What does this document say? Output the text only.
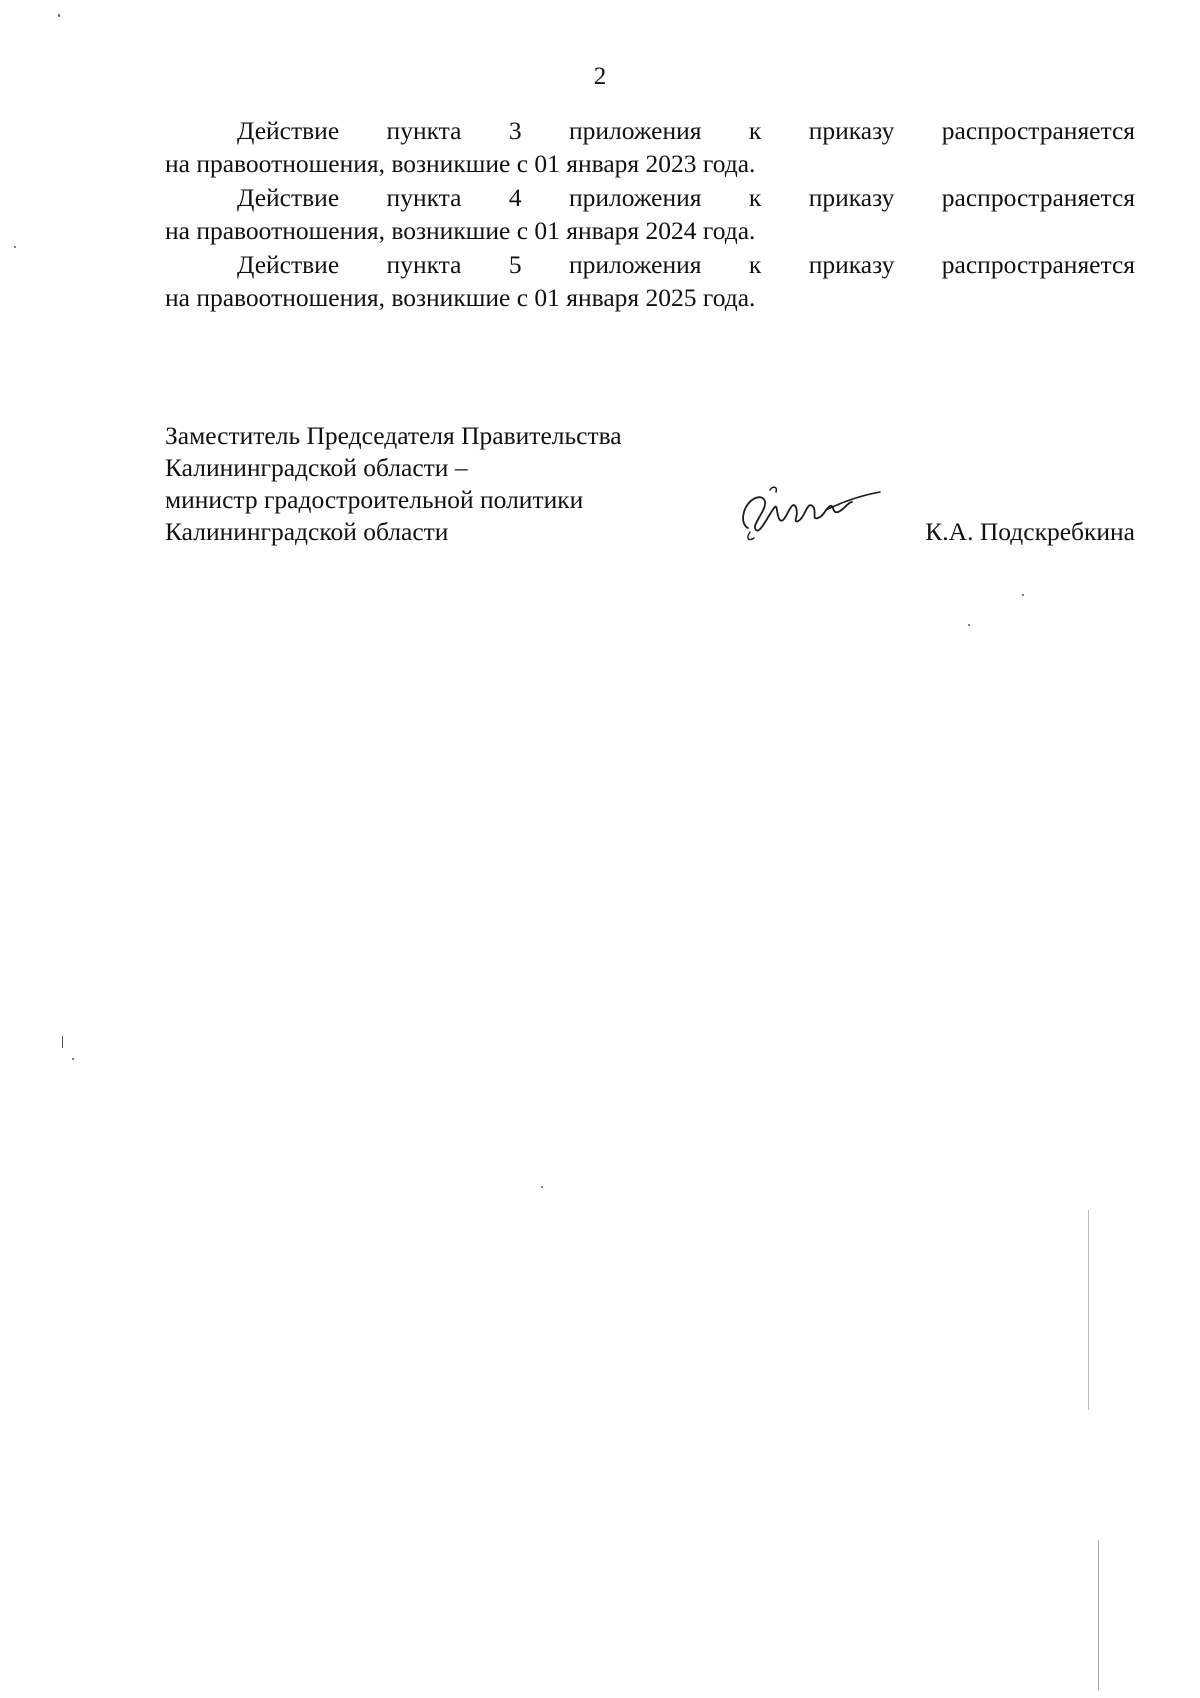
2

Действие пункта 3 приложения к приказу распространяется
на правоотношения, возникшие с 01 января 2023 года.

Действие пункта 4 приложения к приказу распространяется
на правоотношения, возникшие с 01 января 2024 года.

Действие пункта 5 приложения к приказу распространяется
на правоотношения, возникшие с 01 января 2025 года.

Заместитель Председателя Правительства
Калининградской области –
министр градостроительной политики
Калининградской области	К.А. Подскребкина
